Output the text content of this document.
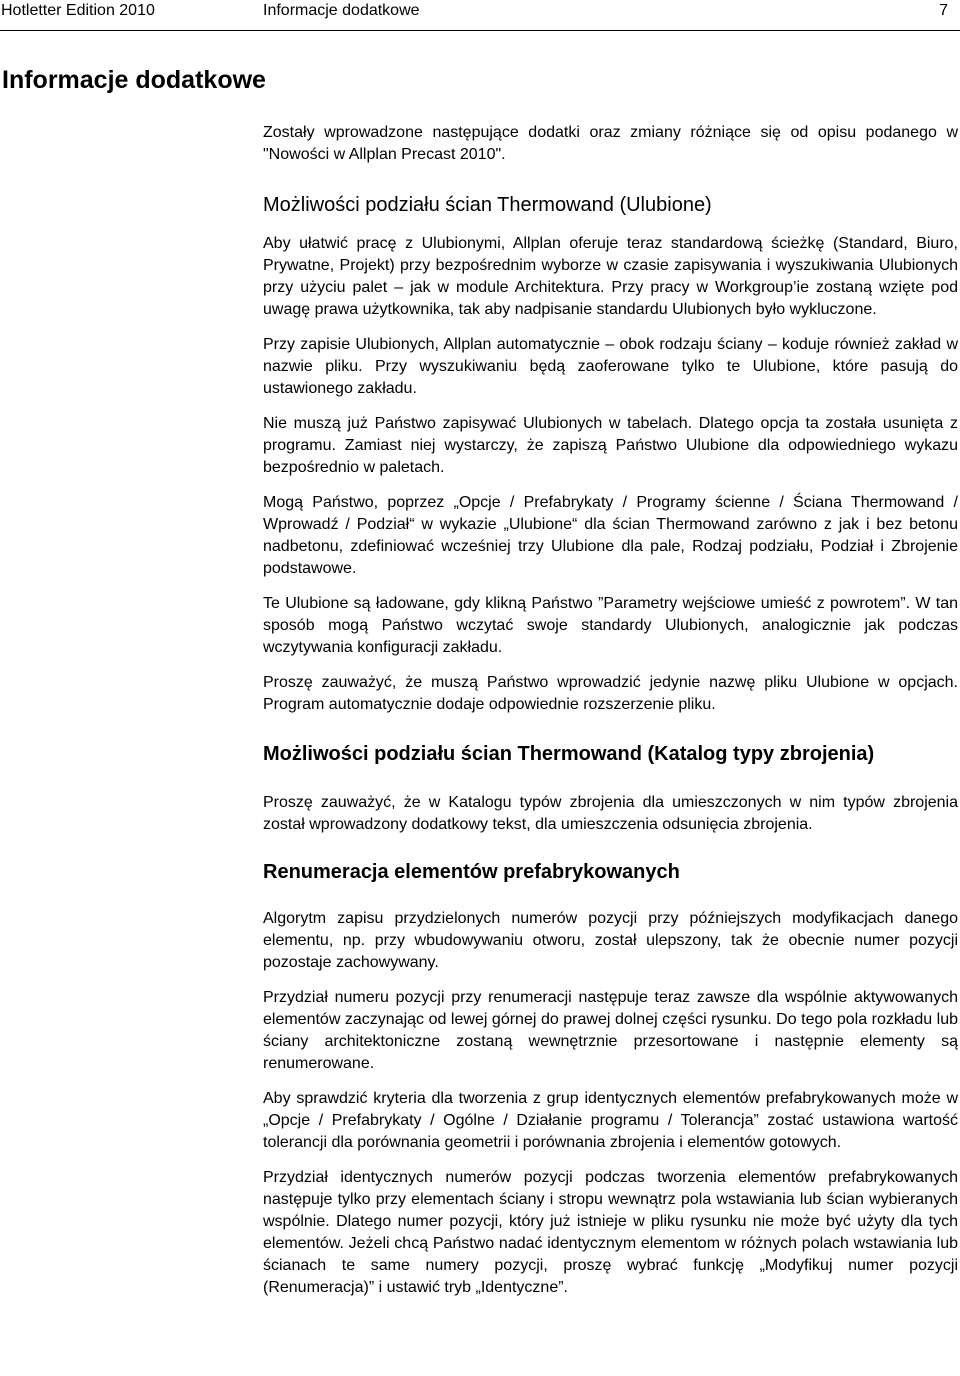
Hotletter Edition 2010	Informacje dodatkowe	7
Informacje dodatkowe

Zostały wprowadzone następujące dodatki oraz zmiany różniące się od opisu podanego w "Nowości w Allplan Precast 2010".

Możliwości podziału ścian Thermowand (Ulubione)

Aby ułatwić pracę z Ulubionymi, Allplan oferuje teraz standardową ścieżkę (Standard, Biuro, Prywatne, Projekt) przy bezpośrednim wyborze w czasie zapisywania i wyszukiwania Ulubionych przy użyciu palet – jak w module Architektura. Przy pracy w Workgroup’ie zostaną wzięte pod uwagę prawa użytkownika, tak aby nadpisanie standardu Ulubionych było wykluczone.

Przy zapisie Ulubionych, Allplan automatycznie – obok rodzaju ściany – koduje również zakład w nazwie pliku. Przy wyszukiwaniu będą zaoferowane tylko te Ulubione, które pasują do ustawionego zakładu.

Nie muszą już Państwo zapisywać Ulubionych w tabelach. Dlatego opcja ta została usunięta z programu. Zamiast niej wystarczy, że zapiszą Państwo Ulubione dla odpowiedniego wykazu bezpośrednio w paletach.

Mogą Państwo, poprzez „Opcje / Prefabrykaty / Programy ścienne / Ściana Thermowand / Wprowadź / Podział“ w wykazie „Ulubione“ dla ścian Thermowand zarówno z jak i bez betonu nadbetonu, zdefiniować wcześniej trzy Ulubione dla pale, Rodzaj podziału, Podział i Zbrojenie podstawowe.

Te Ulubione są ładowane, gdy klikną Państwo ”Parametry wejściowe umieść z powrotem”. W tan sposób mogą Państwo wczytać swoje standardy Ulubionych, analogicznie jak podczas wczytywania konfiguracji zakładu.

Proszę zauważyć, że muszą Państwo wprowadzić jedynie nazwę pliku Ulubione w opcjach. Program automatycznie dodaje odpowiednie rozszerzenie pliku.

Możliwości podziału ścian Thermowand (Katalog typy zbrojenia)

Proszę zauważyć, że w Katalogu typów zbrojenia dla umieszczonych w nim typów zbrojenia został wprowadzony dodatkowy tekst, dla umieszczenia odsunięcia zbrojenia.

Renumeracja elementów prefabrykowanych

Algorytm zapisu przydzielonych numerów pozycji przy późniejszych modyfikacjach danego elementu, np. przy wbudowywaniu otworu, został ulepszony, tak że obecnie numer pozycji pozostaje zachowywany.

Przydział numeru pozycji przy renumeracji następuje teraz zawsze dla wspólnie aktywowanych elementów zaczynając od lewej górnej do prawej dolnej części rysunku. Do tego pola rozkładu lub ściany architektoniczne zostaną wewnętrznie przesortowane i następnie elementy są renumerowane.

Aby sprawdzić kryteria dla tworzenia z grup identycznych elementów prefabrykowanych może w „Opcje / Prefabrykaty / Ogólne / Działanie programu / Tolerancja” zostać ustawiona wartość tolerancji dla porównania geometrii i porównania zbrojenia i elementów gotowych.

Przydział identycznych numerów pozycji podczas tworzenia elementów prefabrykowanych następuje tylko przy elementach ściany i stropu wewnątrz pola wstawiania lub ścian wybieranych wspólnie. Dlatego numer pozycji, który już istnieje w pliku rysunku nie może być użyty dla tych elementów. Jeżeli chcą Państwo nadać identycznym elementom w różnych polach wstawiania lub ścianach te same numery pozycji, proszę wybrać funkcję „Modyfikuj numer pozycji (Renumeracja)” i ustawić tryb „Identyczne”.
